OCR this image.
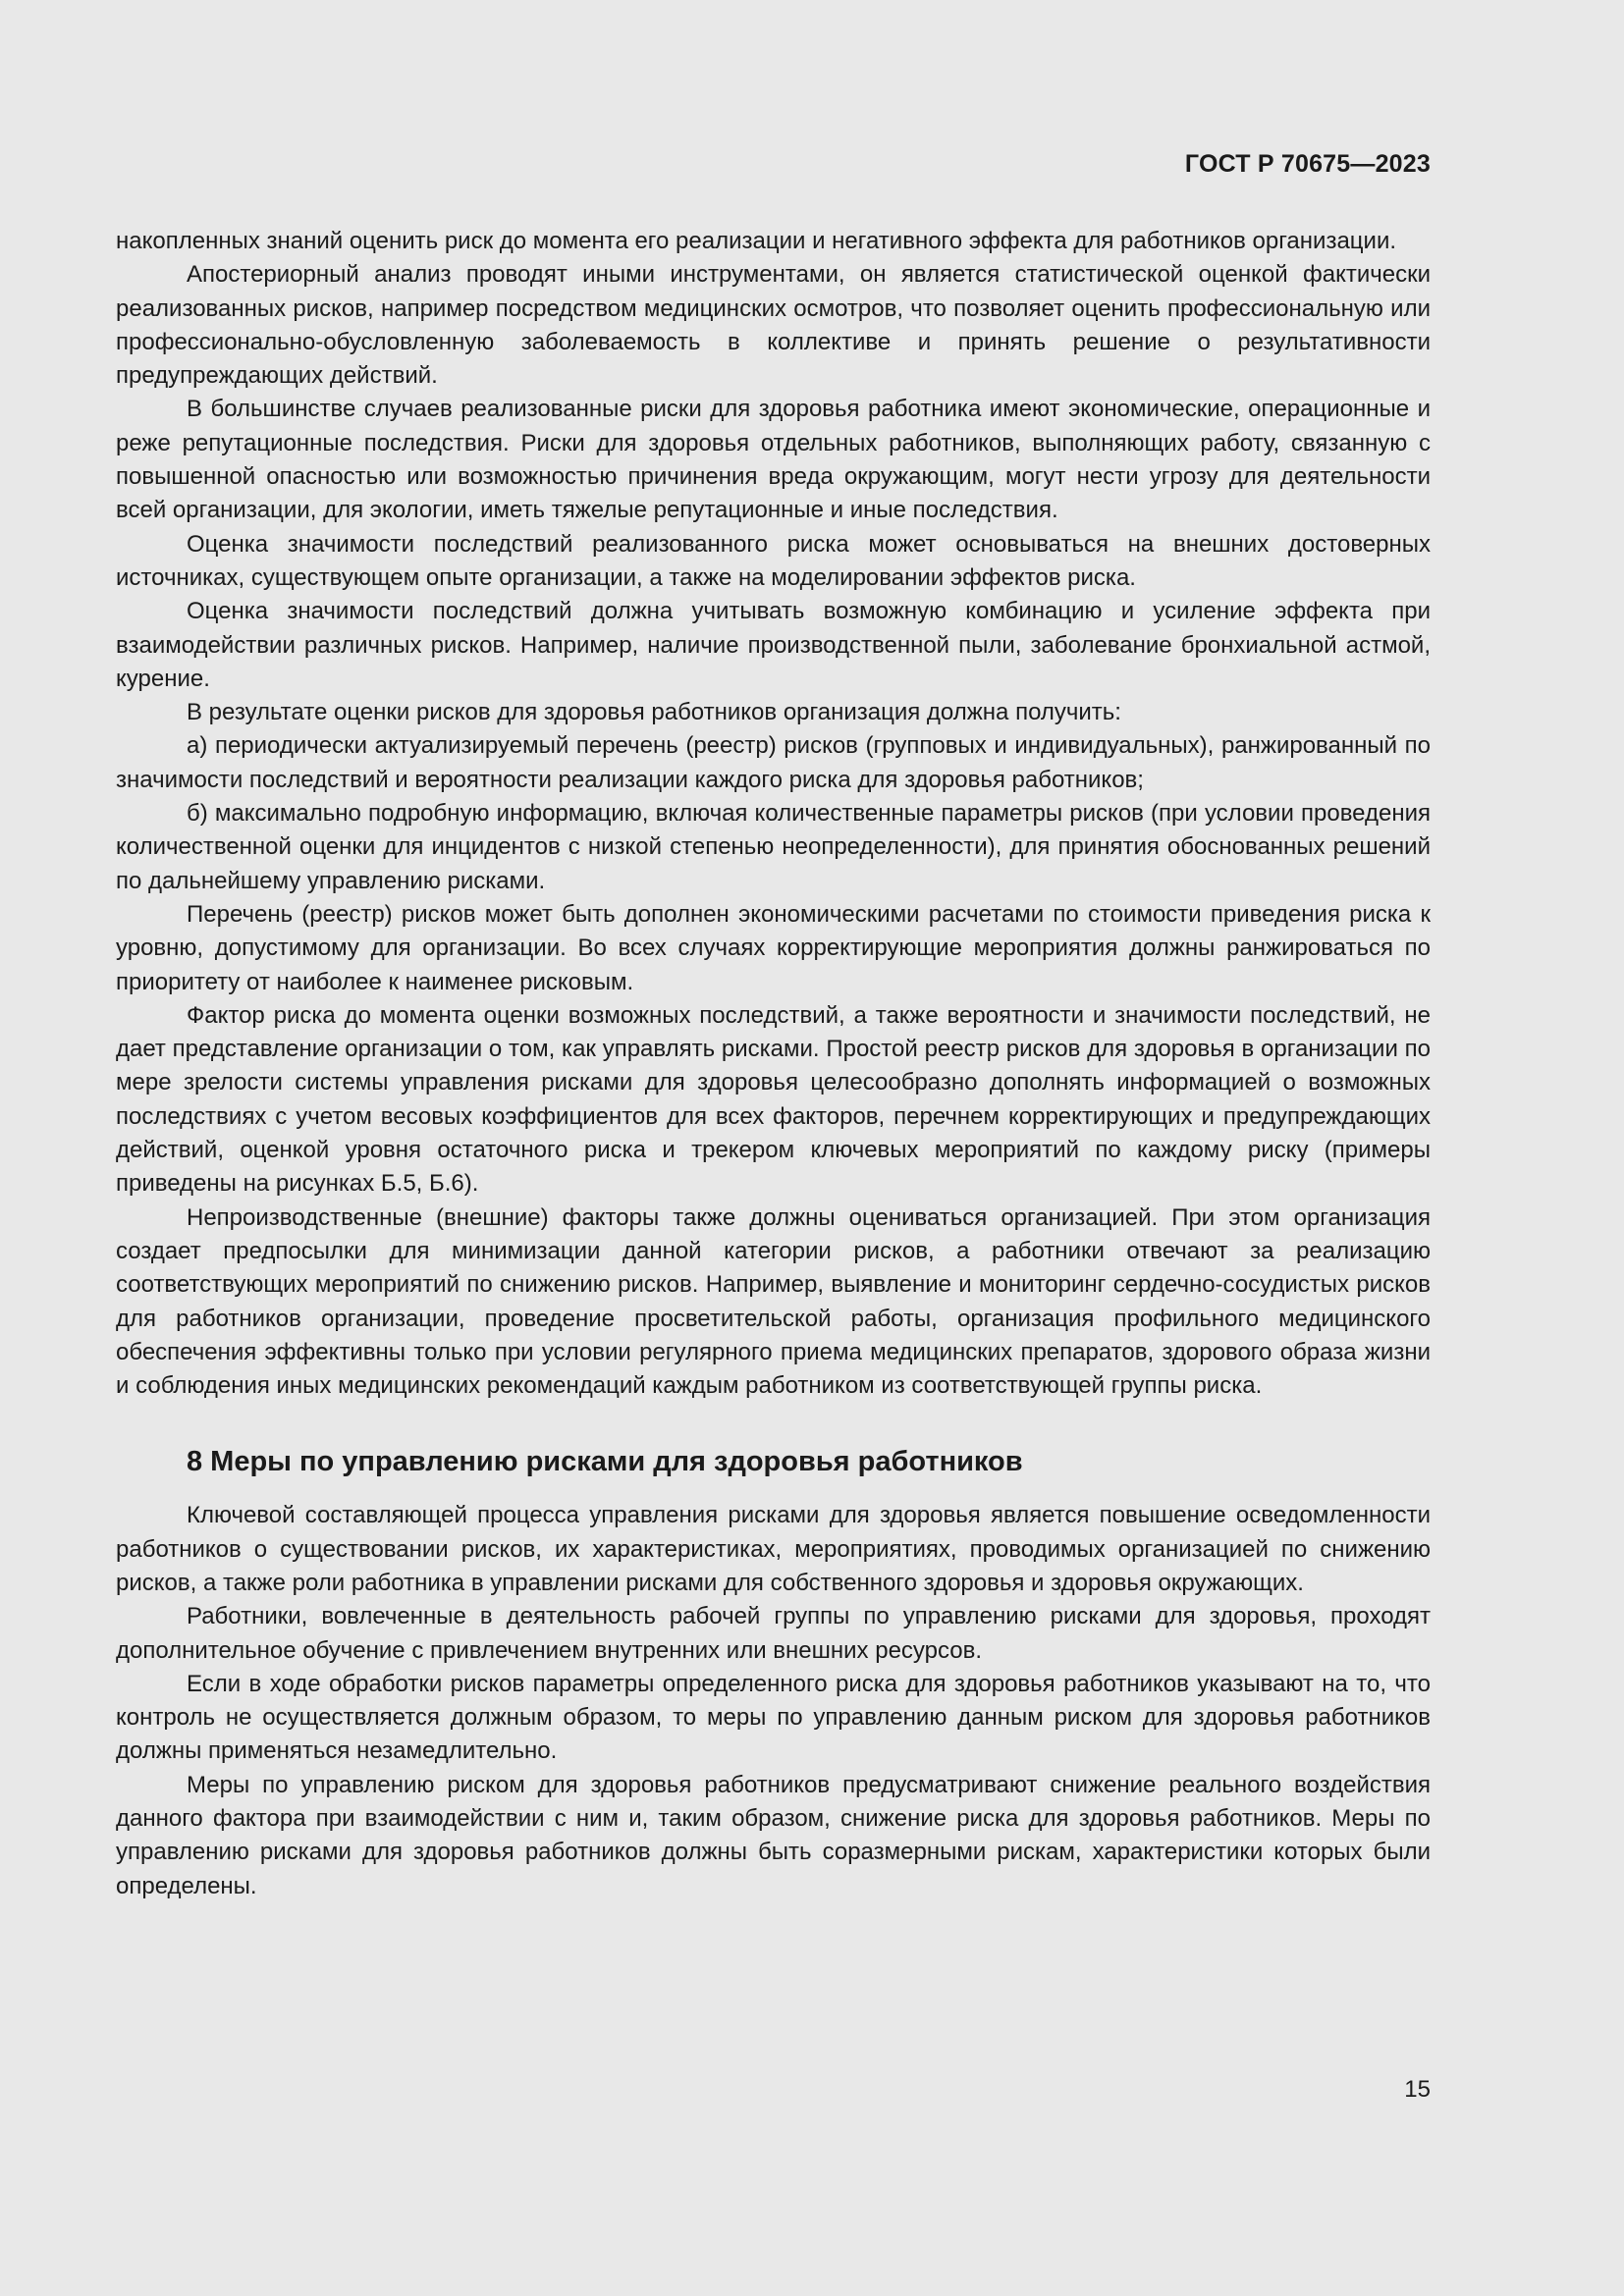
ГОСТ Р 70675—2023

накопленных знаний оценить риск до момента его реализации и негативного эффекта для работников организации.

Апостериорный анализ проводят иными инструментами, он является статистической оценкой фактически реализованных рисков, например посредством медицинских осмотров, что позволяет оценить профессиональную или профессионально-обусловленную заболеваемость в коллективе и принять решение о результативности предупреждающих действий.

В большинстве случаев реализованные риски для здоровья работника имеют экономические, операционные и реже репутационные последствия. Риски для здоровья отдельных работников, выполняющих работу, связанную с повышенной опасностью или возможностью причинения вреда окружающим, могут нести угрозу для деятельности всей организации, для экологии, иметь тяжелые репутационные и иные последствия.

Оценка значимости последствий реализованного риска может основываться на внешних достоверных источниках, существующем опыте организации, а также на моделировании эффектов риска.

Оценка значимости последствий должна учитывать возможную комбинацию и усиление эффекта при взаимодействии различных рисков. Например, наличие производственной пыли, заболевание бронхиальной астмой, курение.

В результате оценки рисков для здоровья работников организация должна получить:

а) периодически актуализируемый перечень (реестр) рисков (групповых и индивидуальных), ранжированный по значимости последствий и вероятности реализации каждого риска для здоровья работников;

б) максимально подробную информацию, включая количественные параметры рисков (при условии проведения количественной оценки для инцидентов с низкой степенью неопределенности), для принятия обоснованных решений по дальнейшему управлению рисками.

Перечень (реестр) рисков может быть дополнен экономическими расчетами по стоимости приведения риска к уровню, допустимому для организации. Во всех случаях корректирующие мероприятия должны ранжироваться по приоритету от наиболее к наименее рисковым.

Фактор риска до момента оценки возможных последствий, а также вероятности и значимости последствий, не дает представление организации о том, как управлять рисками. Простой реестр рисков для здоровья в организации по мере зрелости системы управления рисками для здоровья целесообразно дополнять информацией о возможных последствиях с учетом весовых коэффициентов для всех факторов, перечнем корректирующих и предупреждающих действий, оценкой уровня остаточного риска и трекером ключевых мероприятий по каждому риску (примеры приведены на рисунках Б.5, Б.6).

Непроизводственные (внешние) факторы также должны оцениваться организацией. При этом организация создает предпосылки для минимизации данной категории рисков, а работники отвечают за реализацию соответствующих мероприятий по снижению рисков. Например, выявление и мониторинг сердечно-сосудистых рисков для работников организации, проведение просветительской работы, организация профильного медицинского обеспечения эффективны только при условии регулярного приема медицинских препаратов, здорового образа жизни и соблюдения иных медицинских рекомендаций каждым работником из соответствующей группы риска.

8 Меры по управлению рисками для здоровья работников

Ключевой составляющей процесса управления рисками для здоровья является повышение осведомленности работников о существовании рисков, их характеристиках, мероприятиях, проводимых организацией по снижению рисков, а также роли работника в управлении рисками для собственного здоровья и здоровья окружающих.

Работники, вовлеченные в деятельность рабочей группы по управлению рисками для здоровья, проходят дополнительное обучение с привлечением внутренних или внешних ресурсов.

Если в ходе обработки рисков параметры определенного риска для здоровья работников указывают на то, что контроль не осуществляется должным образом, то меры по управлению данным риском для здоровья работников должны применяться незамедлительно.

Меры по управлению риском для здоровья работников предусматривают снижение реального воздействия данного фактора при взаимодействии с ним и, таким образом, снижение риска для здоровья работников. Меры по управлению рисками для здоровья работников должны быть соразмерными рискам, характеристики которых были определены.

15
